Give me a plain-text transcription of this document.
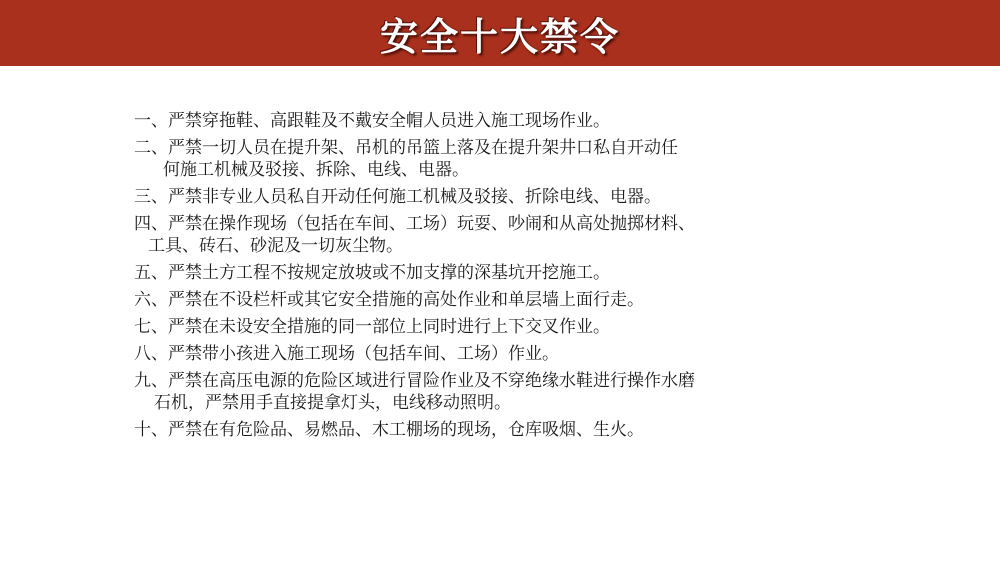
安全十大禁令
一、严禁穿拖鞋、高跟鞋及不戴安全帽人员进入施工现场作业。
二、严禁一切人员在提升架、吊机的吊篮上落及在提升架井口私自开动任
何施工机械及驳接、拆除、电线、电器。
三、严禁非专业人员私自开动任何施工机械及驳接、折除电线、电器。
四、严禁在操作现场（包括在车间、工场）玩耍、吵闹和从高处抛掷材料、
工具、砖石、砂泥及一切灰尘物。
五、严禁土方工程不按规定放坡或不加支撑的深基坑开挖施工。
六、严禁在不设栏杆或其它安全措施的高处作业和单层墙上面行走。
七、严禁在未设安全措施的同一部位上同时进行上下交叉作业。
八、严禁带小孩进入施工现场（包括车间、工场）作业。
九、严禁在高压电源的危险区域进行冒险作业及不穿绝缘水鞋进行操作水磨
石机，严禁用手直接提拿灯头，电线移动照明。
十、严禁在有危险品、易燃品、木工棚场的现场，仓库吸烟、生火。
